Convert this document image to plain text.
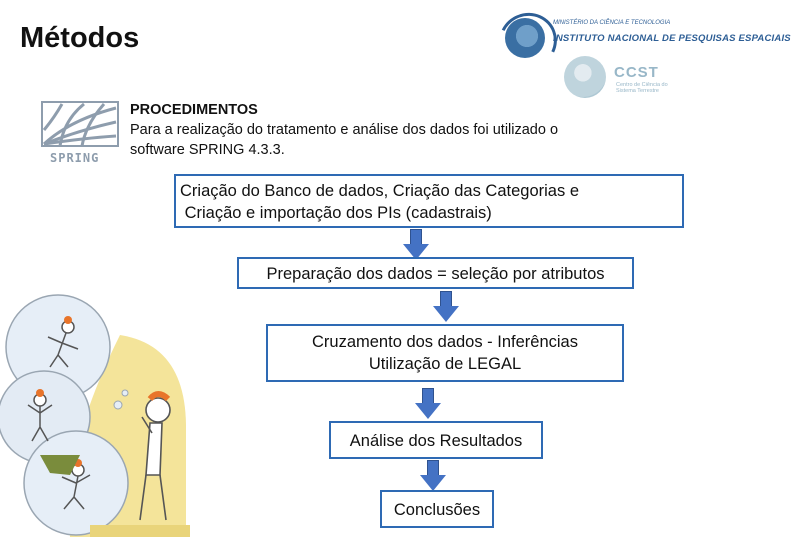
Métodos	MINISTÉRIO DA CIÊNCIA E TECNOLOGIA
INSTITUTO NACIONAL DE PESQUISAS ESPACIAIS
CCST
Centro de Ciência do Sistema Terrestre
SPRING
PROCEDIMENTOS
Para a realização do tratamento e análise dos dados foi utilizado o
software SPRING 4.3.3.
Criação do Banco de dados, Criação das Categorias e
Criação e importação dos PIs (cadastrais)
Preparação dos dados = seleção por atributos
Cruzamento dos dados - Inferências
Utilização de LEGAL
Análise dos Resultados
Conclusões
